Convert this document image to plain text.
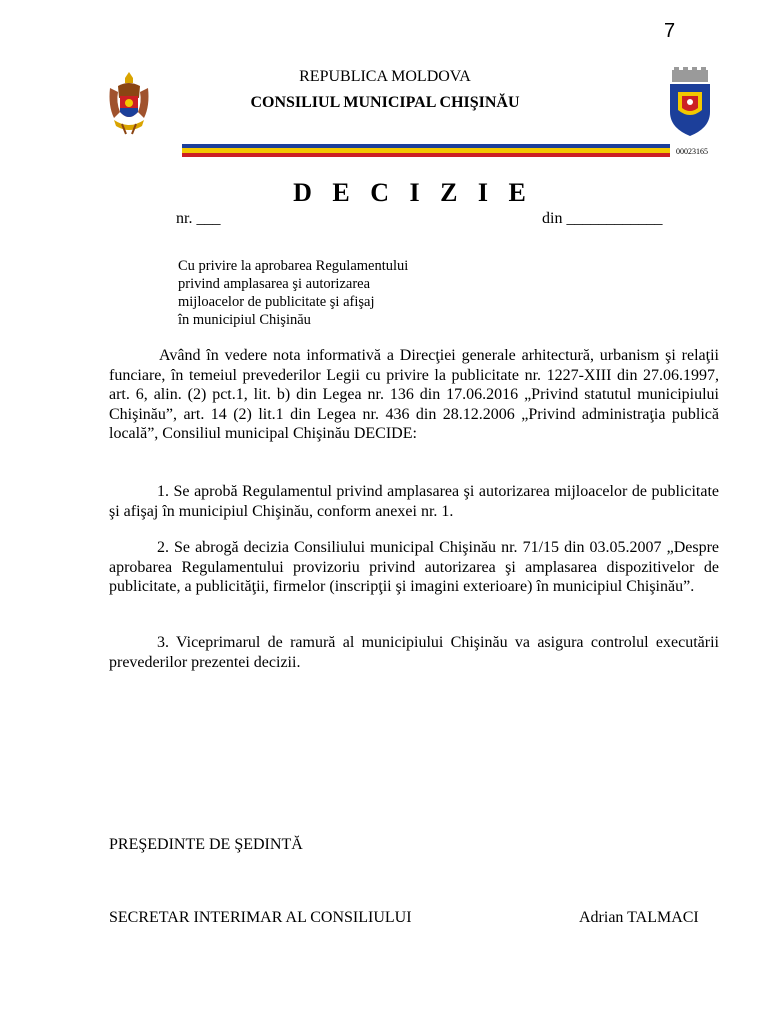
7
REPUBLICA MOLDOVA
CONSILIUL MUNICIPAL CHIŞINĂU
00023165
D E C I Z I E
nr. ___	din ____________
Cu privire la aprobarea Regulamentului
privind amplasarea şi autorizarea
mijloacelor de publicitate şi afişaj
în municipiul Chişinău
Având în vedere nota informativă a Direcţiei generale arhitectură, urbanism şi relaţii funciare, în temeiul prevederilor Legii cu privire la publicitate nr. 1227-XIII din 27.06.1997, art. 6, alin. (2) pct.1, lit. b) din Legea nr. 136 din 17.06.2016 „Privind statutul municipiului Chişinău”, art. 14 (2) lit.1 din Legea nr. 436 din 28.12.2006 „Privind administraţia publică locală”, Consiliul municipal Chişinău DECIDE:
1. Se aprobă Regulamentul privind amplasarea şi autorizarea mijloacelor de publicitate şi afişaj în municipiul Chişinău, conform anexei nr. 1.
2. Se abrogă decizia Consiliului municipal Chişinău nr. 71/15 din 03.05.2007 „Despre aprobarea Regulamentului provizoriu privind autorizarea şi amplasarea dispozitivelor de publicitate, a publicităţii, firmelor (inscripţii şi imagini exterioare) în municipiul Chişinău”.
3. Viceprimarul de ramură al municipiului Chişinău va asigura controlul executării prevederilor prezentei decizii.
PREŞEDINTE DE ŞEDINTĂ
SECRETAR INTERIMAR AL CONSILIULUI	Adrian TALMACI
